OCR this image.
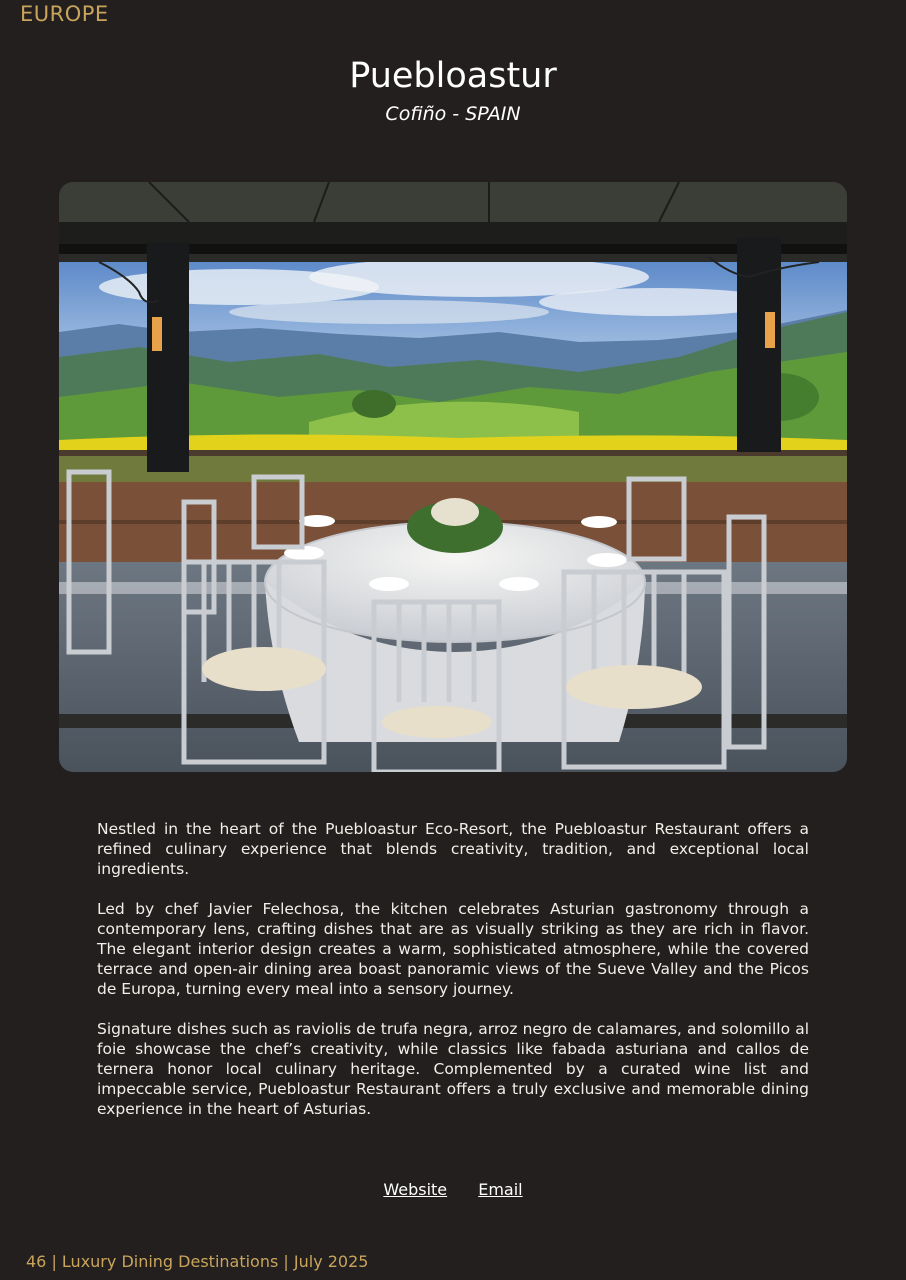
EUROPE
Puebloastur
Cofiño - SPAIN

Nestled in the heart of the Puebloastur Eco-Resort, the Puebloastur Restaurant offers a refined culinary experience that blends creativity, tradition, and exceptional local ingredients.

Led by chef Javier Felechosa, the kitchen celebrates Asturian gastronomy through a contemporary lens, crafting dishes that are as visually striking as they are rich in flavor. The elegant interior design creates a warm, sophisticated atmosphere, while the covered terrace and open-air dining area boast panoramic views of the Sueve Valley and the Picos de Europa, turning every meal into a sensory journey.

Signature dishes such as raviolis de trufa negra, arroz negro de calamares, and solomillo al foie showcase the chef’s creativity, while classics like fabada asturiana and callos de ternera honor local culinary heritage. Complemented by a curated wine list and impeccable service, Puebloastur Restaurant offers a truly exclusive and memorable dining experience in the heart of Asturias.

Website Email
46 | Luxury Dining Destinations | July 2025
